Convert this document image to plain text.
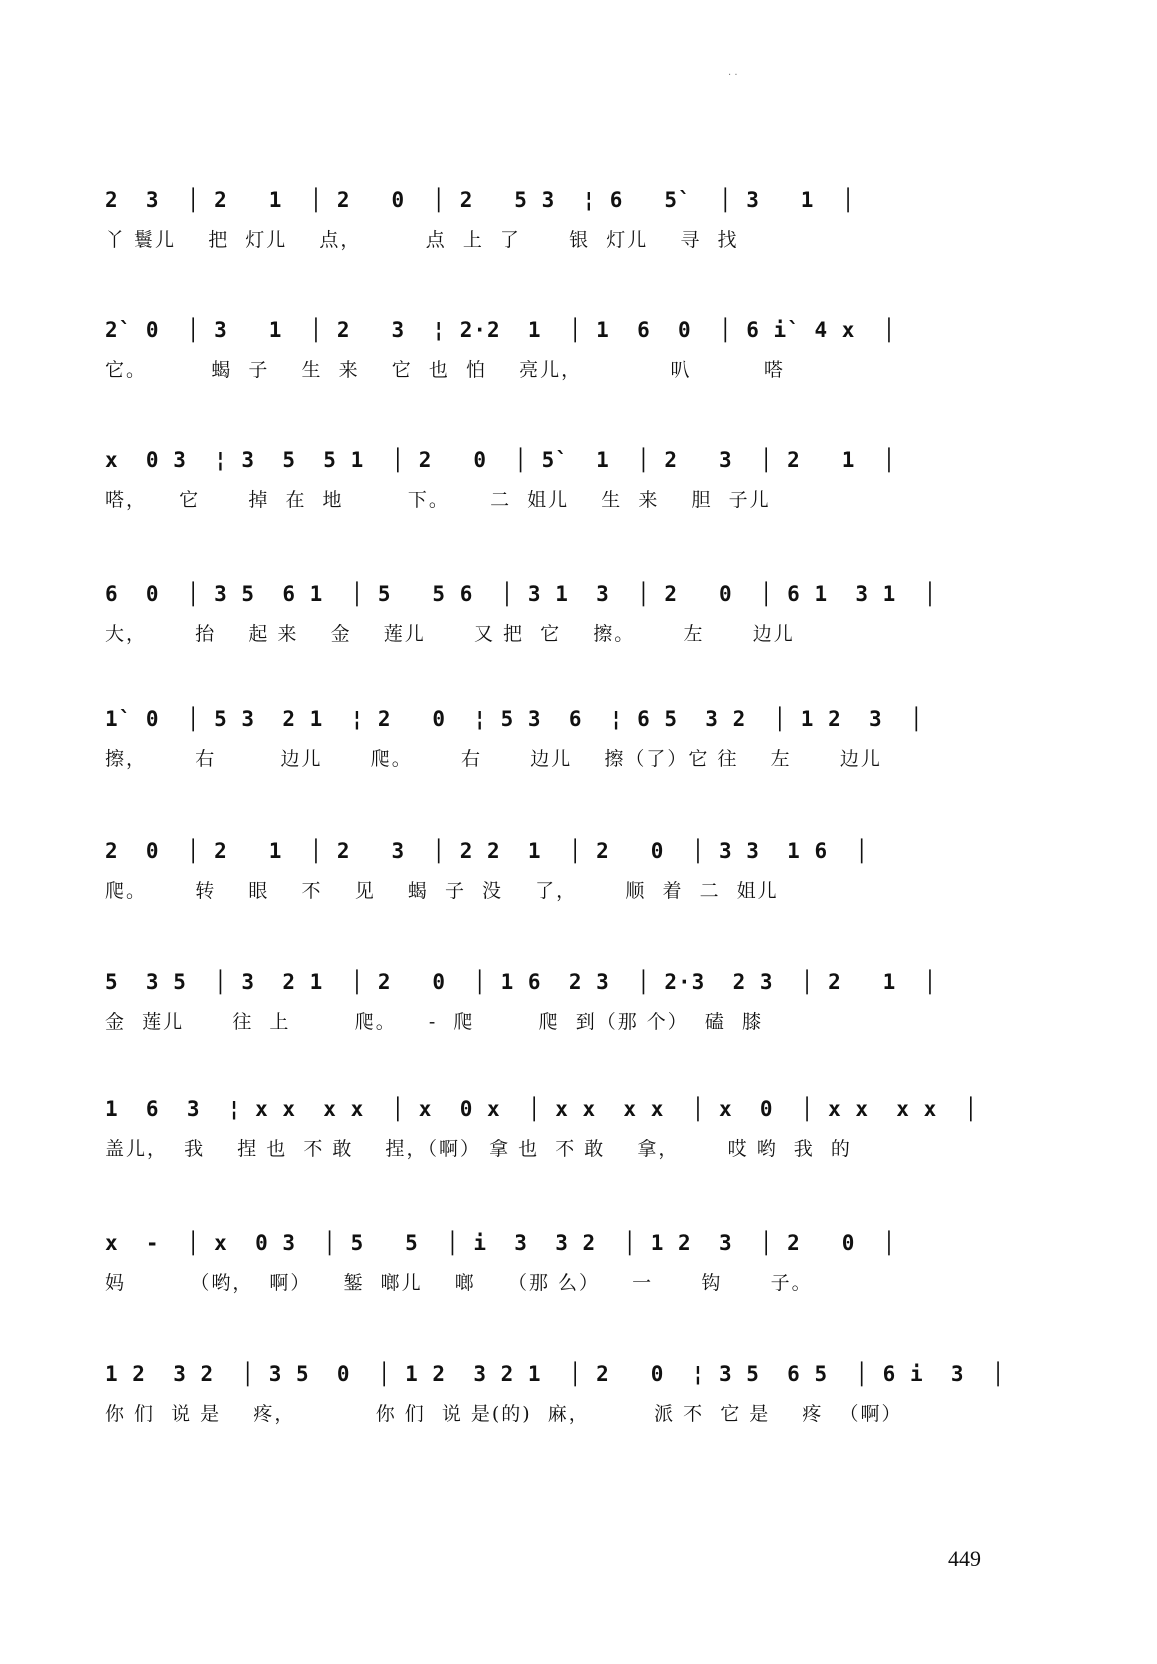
· ·
2  3  │ 2   1  │ 2   0  │ 2   5 3  ¦ 6   5`  │ 3   1  │
丫 鬟儿    把  灯儿    点，        点  上  了      银  灯儿    寻  找
2` 0  │ 3   1  │ 2   3  ¦ 2·2  1  │ 1  6  0  │ 6 i` 4 x  │
它。        蝎  子    生  来    它  也  怕    亮儿，           叭         嗒
x  0 3  ¦ 3  5  5 1  │ 2   0  │ 5`  1  │ 2   3  │ 2   1  │
嗒，    它      掉  在  地        下。     二  姐儿    生  来    胆  子儿
6  0  │ 3 5  6 1  │ 5   5 6  │ 3 1  3  │ 2   0  │ 6 1  3 1  │
大，      抬    起 来    金    莲儿      又 把  它    擦。      左      边儿
1` 0  │ 5 3  2 1  ¦ 2   0  ¦ 5 3  6  ¦ 6 5  3 2  │ 1 2  3  │
擦，      右        边儿      爬。      右      边儿    擦（了）它 往    左      边儿
2  0  │ 2   1  │ 2   3  │ 2 2  1  │ 2   0  │ 3 3  1 6  │
爬。      转    眼    不    见    蝎  子  没    了，      顺  着  二  姐儿
5  3 5  │ 3  2 1  │ 2   0  │ 1 6  2 3  │ 2·3  2 3  │ 2   1  │
金  莲儿      往  上        爬。    -  爬        爬  到（那 个）  磕  膝
1  6  3  ¦ x x  x x  │ x  0 x  │ x x  x x  │ x  0  │ x x  x x  │
盖儿，  我    捏 也  不 敢    捏，（啊） 拿 也  不 敢    拿，      哎 哟  我  的
x  -  │ x  0 3  │ 5   5  │ i  3  3 2  │ 1 2  3  │ 2   0  │
妈        （哟，  啊）    錾  啷儿    啷    （那 么）    一      钩      子。
1 2  3 2  │ 3 5  0  │ 1 2  3 2 1  │ 2   0  ¦ 3 5  6 5  │ 6 i  3  │
你 们  说 是    疼，          你 们  说 是(的)  麻，        派 不  它 是    疼  （啊）
449
